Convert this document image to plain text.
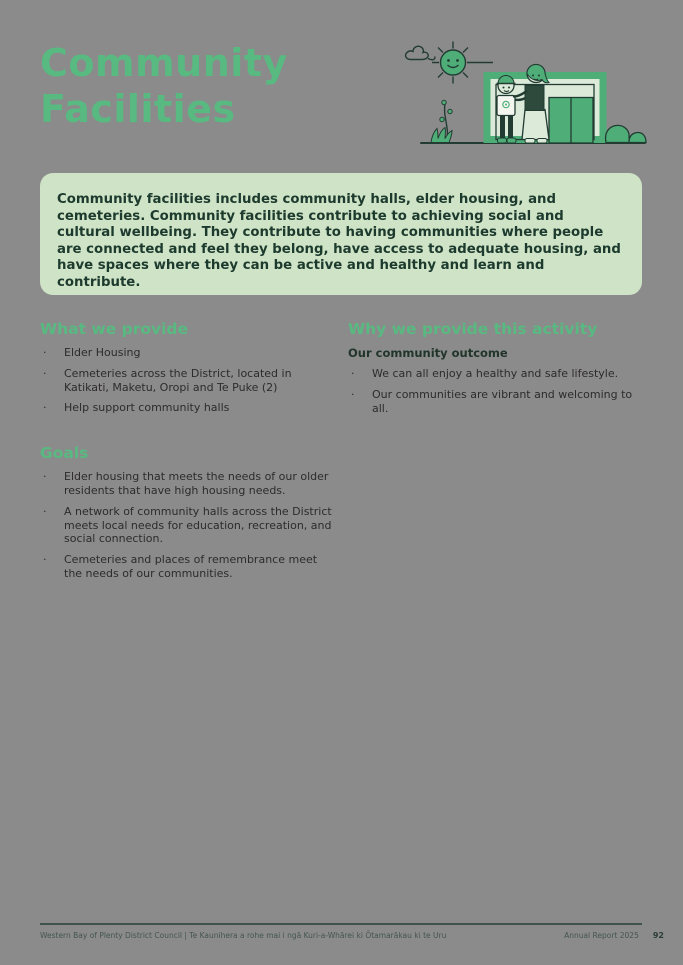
Community Facilities
Community facilities includes community halls, elder housing, and cemeteries. Community facilities contribute to achieving social and cultural wellbeing. They contribute to having communities where people are connected and feel they belong, have access to adequate housing, and have spaces where they can be active and healthy and learn and contribute.
What we provide
·	Elder Housing
·	Cemeteries across the District, located in Katikati, Maketu, Oropi and Te Puke (2)
·	Help support community halls
Goals
·	Elder housing that meets the needs of our older residents that have high housing needs.
·	A network of community halls across the District meets local needs for education, recreation, and social connection.
·	Cemeteries and places of remembrance meet the needs of our communities.
Why we provide this activity

Our community outcome

·	We can all enjoy a healthy and safe lifestyle.
·	Our communities are vibrant and welcoming to all.
Western Bay of Plenty District Council | Te Kaunihera a rohe mai i ngā Kuri-a-Whārei ki Ōtamarākau ki te Uru	Annual Report 2025 92
